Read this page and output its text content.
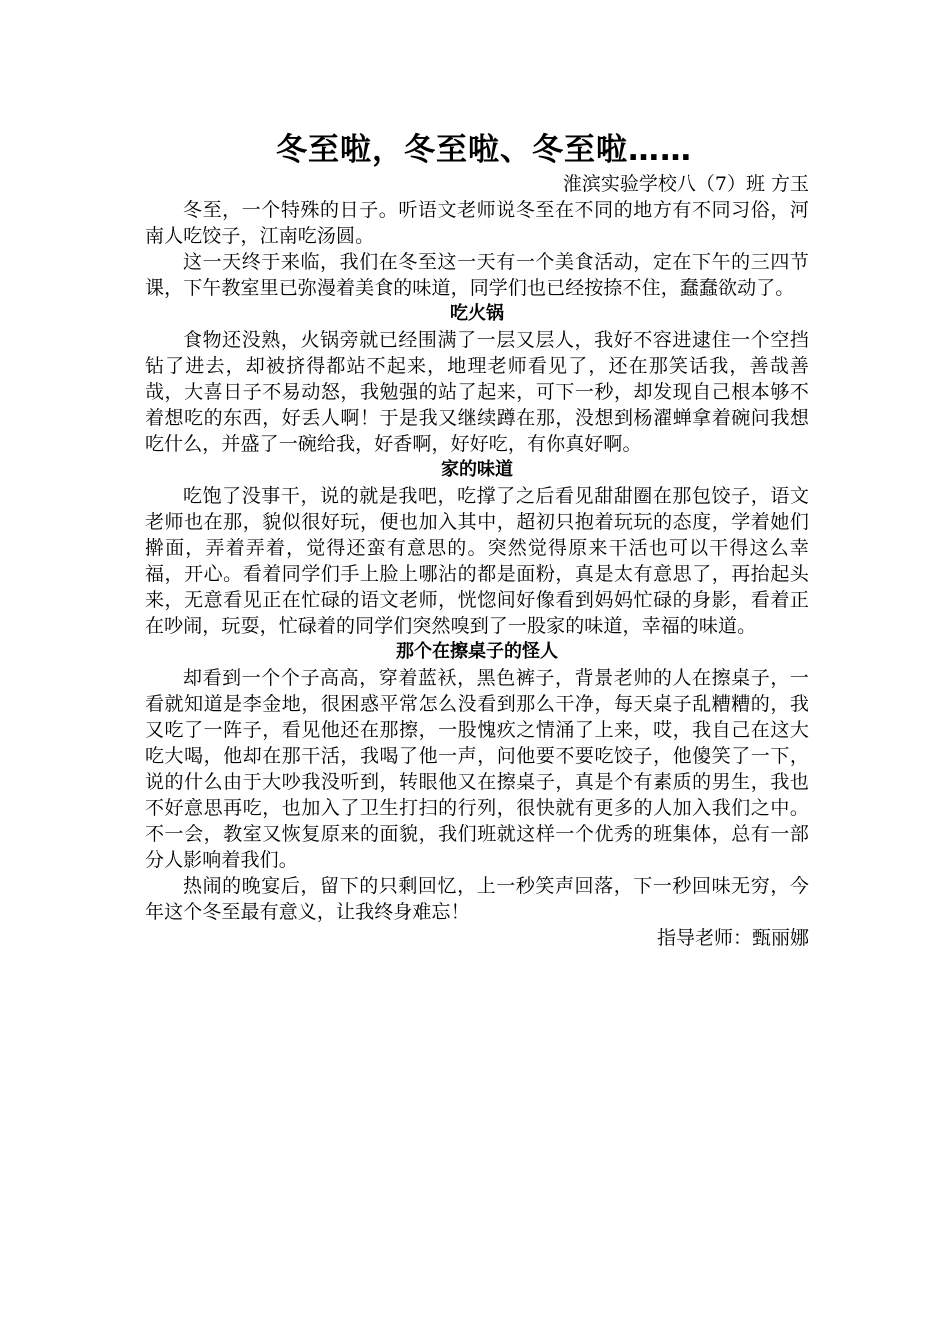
冬至啦，冬至啦、冬至啦……
淮滨实验学校八（7）班 方玉

冬至，一个特殊的日子。听语文老师说冬至在不同的地方有不同习俗，河南人吃饺子，江南吃汤圆。

这一天终于来临，我们在冬至这一天有一个美食活动，定在下午的三四节课，下午教室里已弥漫着美食的味道，同学们也已经按捺不住，蠢蠢欲动了。

吃火锅

食物还没熟，火锅旁就已经围满了一层又层人，我好不容进逮住一个空挡钻了进去，却被挤得都站不起来，地理老师看见了，还在那笑话我，善哉善哉，大喜日子不易动怒，我勉强的站了起来，可下一秒，却发现自己根本够不着想吃的东西，好丢人啊！于是我又继续蹲在那，没想到杨濯蝉拿着碗问我想吃什么，并盛了一碗给我，好香啊，好好吃，有你真好啊。

家的味道

吃饱了没事干，说的就是我吧，吃撑了之后看见甜甜圈在那包饺子，语文老师也在那，貌似很好玩，便也加入其中，超初只抱着玩玩的态度，学着她们擀面，弄着弄着，觉得还蛮有意思的。突然觉得原来干活也可以干得这么幸福，开心。看着同学们手上脸上哪沾的都是面粉，真是太有意思了，再抬起头来，无意看见正在忙碌的语文老师，恍惚间好像看到妈妈忙碌的身影，看着正在吵闹，玩耍，忙碌着的同学们突然嗅到了一股家的味道，幸福的味道。

那个在擦桌子的怪人

却看到一个个子高高，穿着蓝袄，黑色裤子，背景老帅的人在擦桌子，一看就知道是李金地，很困惑平常怎么没看到那么干净，每天桌子乱糟糟的，我又吃了一阵子，看见他还在那擦，一股愧疚之情涌了上来，哎，我自己在这大吃大喝，他却在那干活，我喝了他一声，问他要不要吃饺子，他傻笑了一下，说的什么由于大吵我没听到，转眼他又在擦桌子，真是个有素质的男生，我也不好意思再吃，也加入了卫生打扫的行列，很快就有更多的人加入我们之中。不一会，教室又恢复原来的面貌，我们班就这样一个优秀的班集体，总有一部分人影响着我们。

热闹的晚宴后，留下的只剩回忆，上一秒笑声回落，下一秒回味无穷，今年这个冬至最有意义，让我终身难忘！

指导老师：甄丽娜
